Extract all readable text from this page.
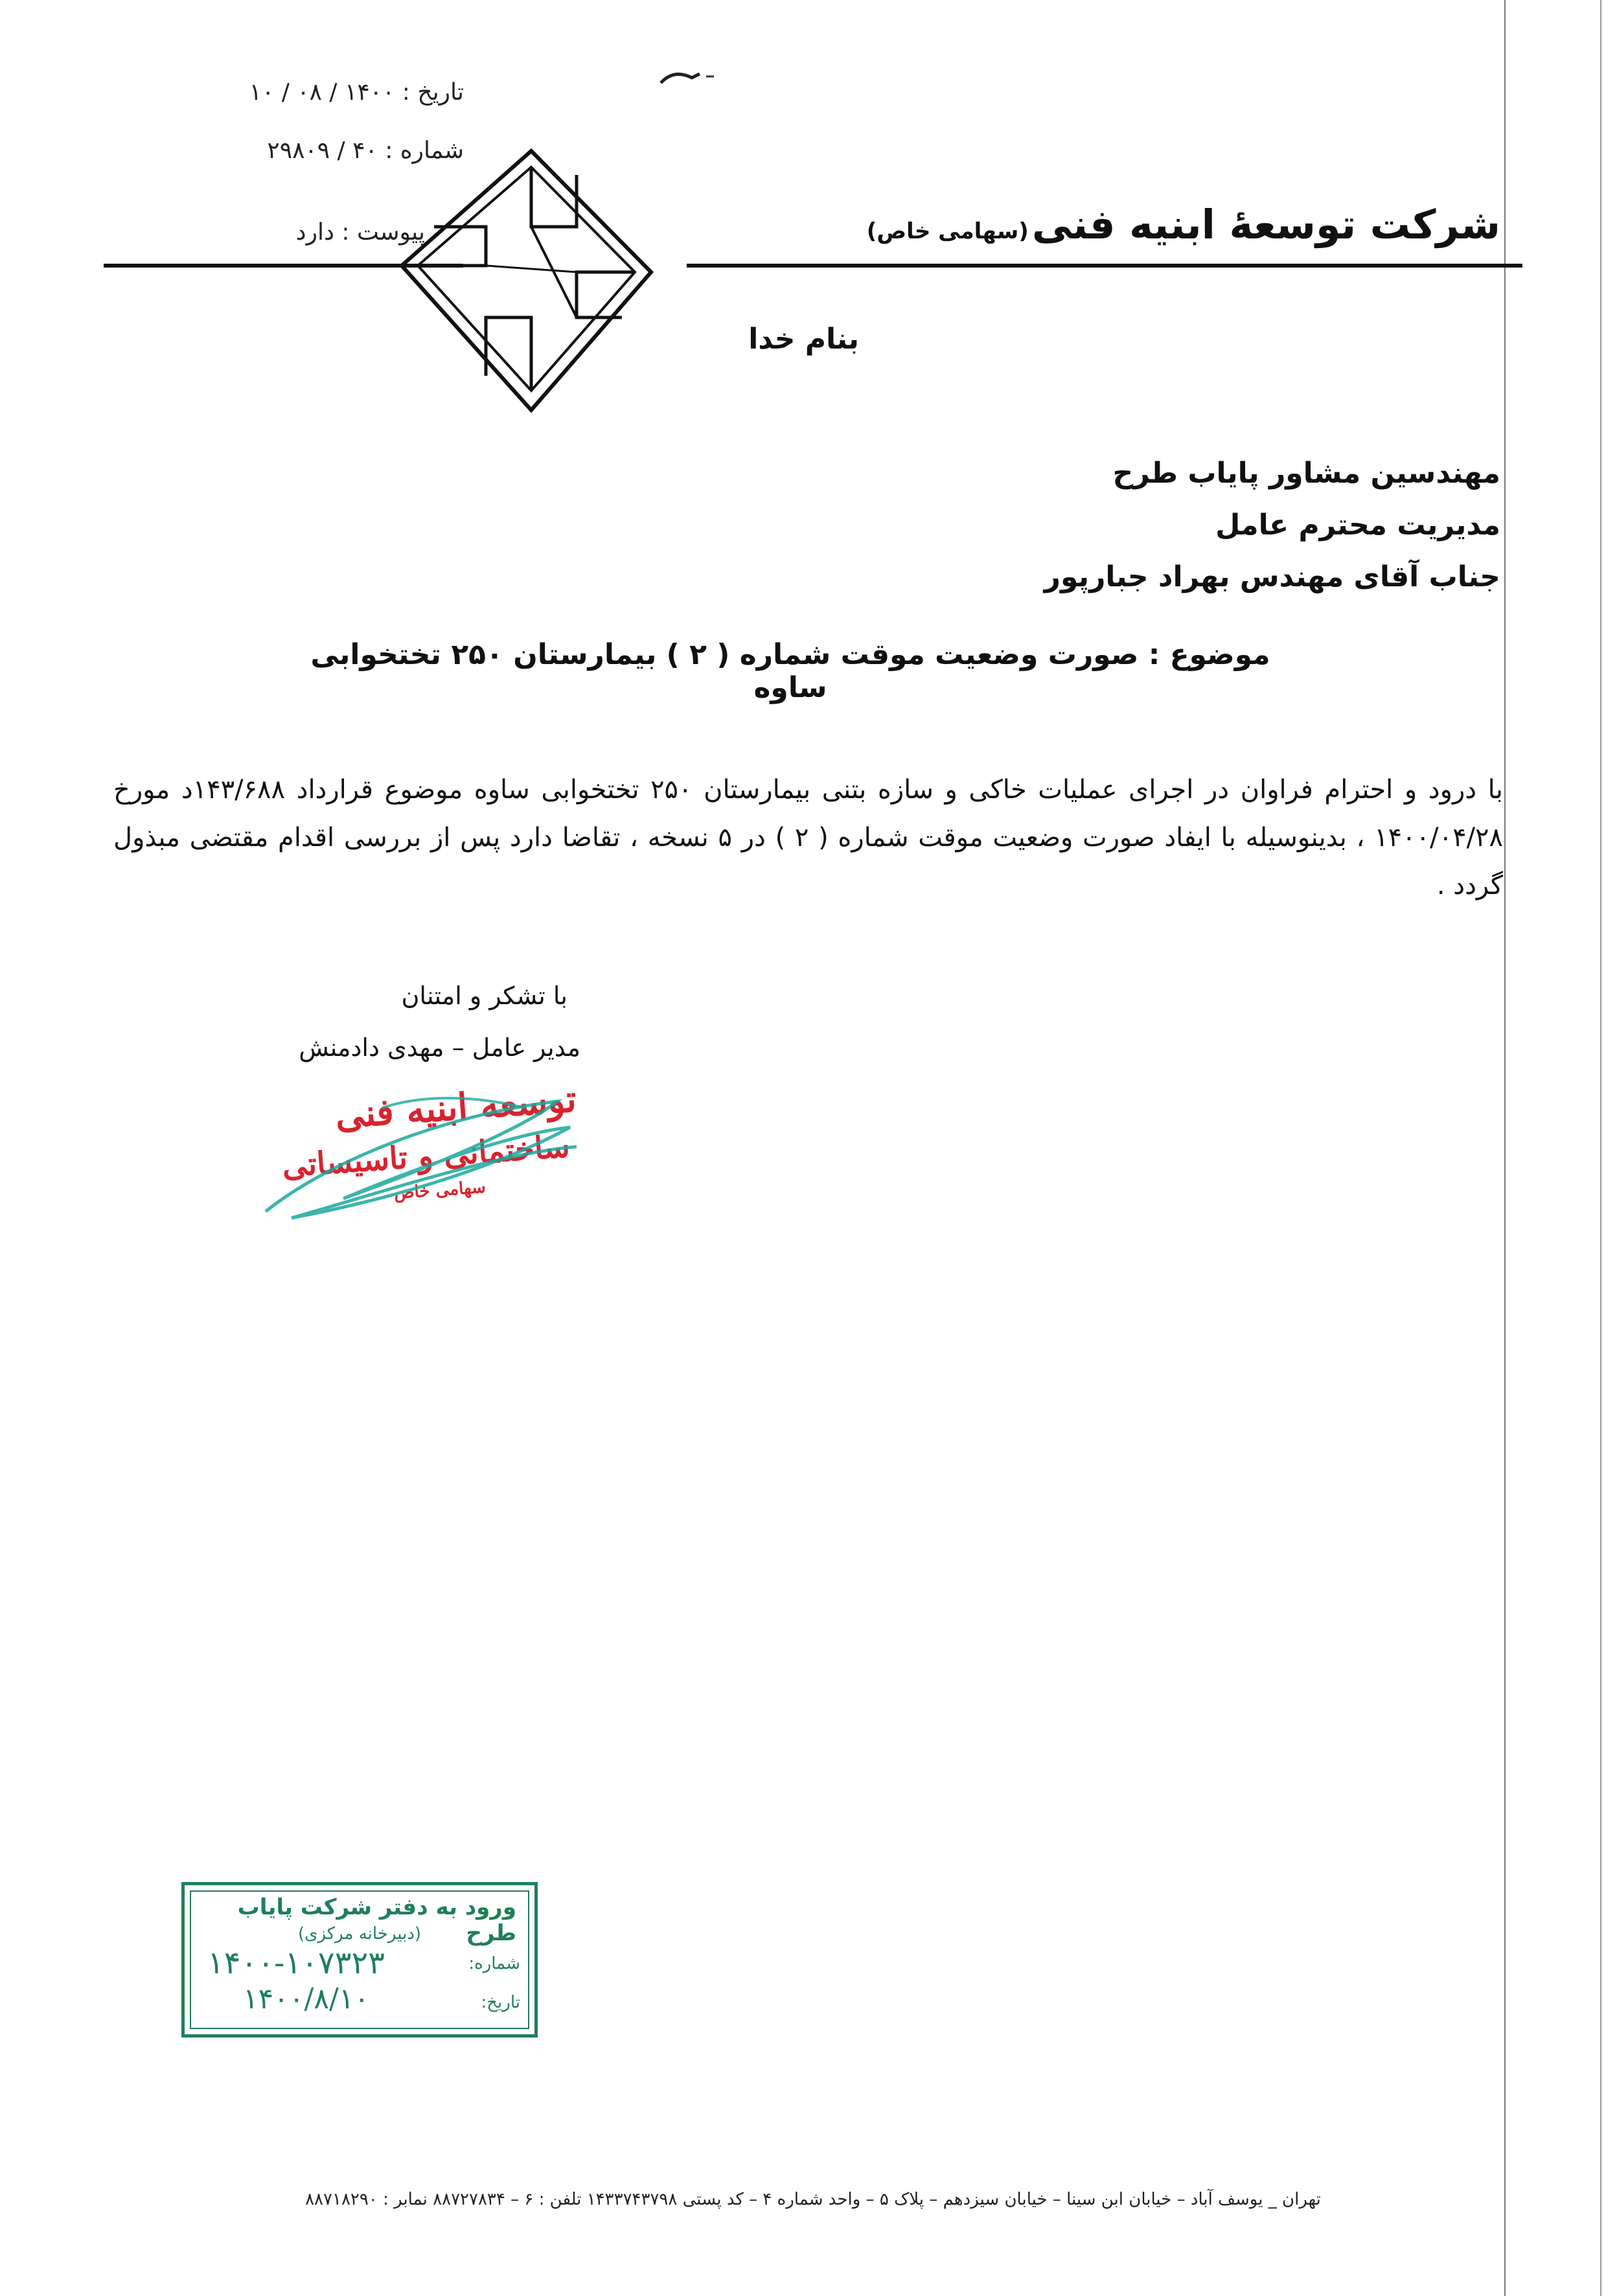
تاریخ : ۱۴۰۰ / ۰۸ / ۱۰
شماره : ۴۰ / ۲۹۸۰۹
پیوست : دارد	شرکت توسعهٔ ابنیه فنی (سهامی خاص)
بنام خدا
مهندسین مشاور پایاب طرح
مدیریت محترم عامل
جناب آقای مهندس بهراد جبارپور
موضوع : صورت وضعیت موقت شماره ( ۲ ) بیمارستان ۲۵۰ تختخوابی ساوه
با درود و احترام فراوان در اجرای عملیات خاکی و سازه بتنی بیمارستان ۲۵۰ تختخوابی ساوه موضوع قرارداد ۱۴۳/۶۸۸د مورخ ۱۴۰۰/۰۴/۲۸ ، بدینوسیله با ایفاد صورت وضعیت موقت شماره ( ۲ ) در ۵ نسخه ، تقاضا دارد پس از بررسی اقدام مقتضی مبذول گردد .
با تشکر و امتنان
مدیر عامل – مهدی دادمنش
توسعه ابنیه فنی
ساختمانی و تاسیساتی
سهامی خاص
ورود به دفتر شرکت پایاب طرح
(دبیرخانه مرکزی)
شماره:
۱۴۰۰-۱۰۷۳۲۳
تاریخ:
۱۴۰۰/۸/۱۰
تهران _ یوسف آباد – خیابان ابن سینا – خیابان سیزدهم – پلاک ۵ – واحد شماره ۴ – کد پستی ۱۴۳۳۷۴۳۷۹۸ تلفن : ۶ – ۸۸۷۲۷۸۳۴ نمابر : ۸۸۷۱۸۲۹۰
